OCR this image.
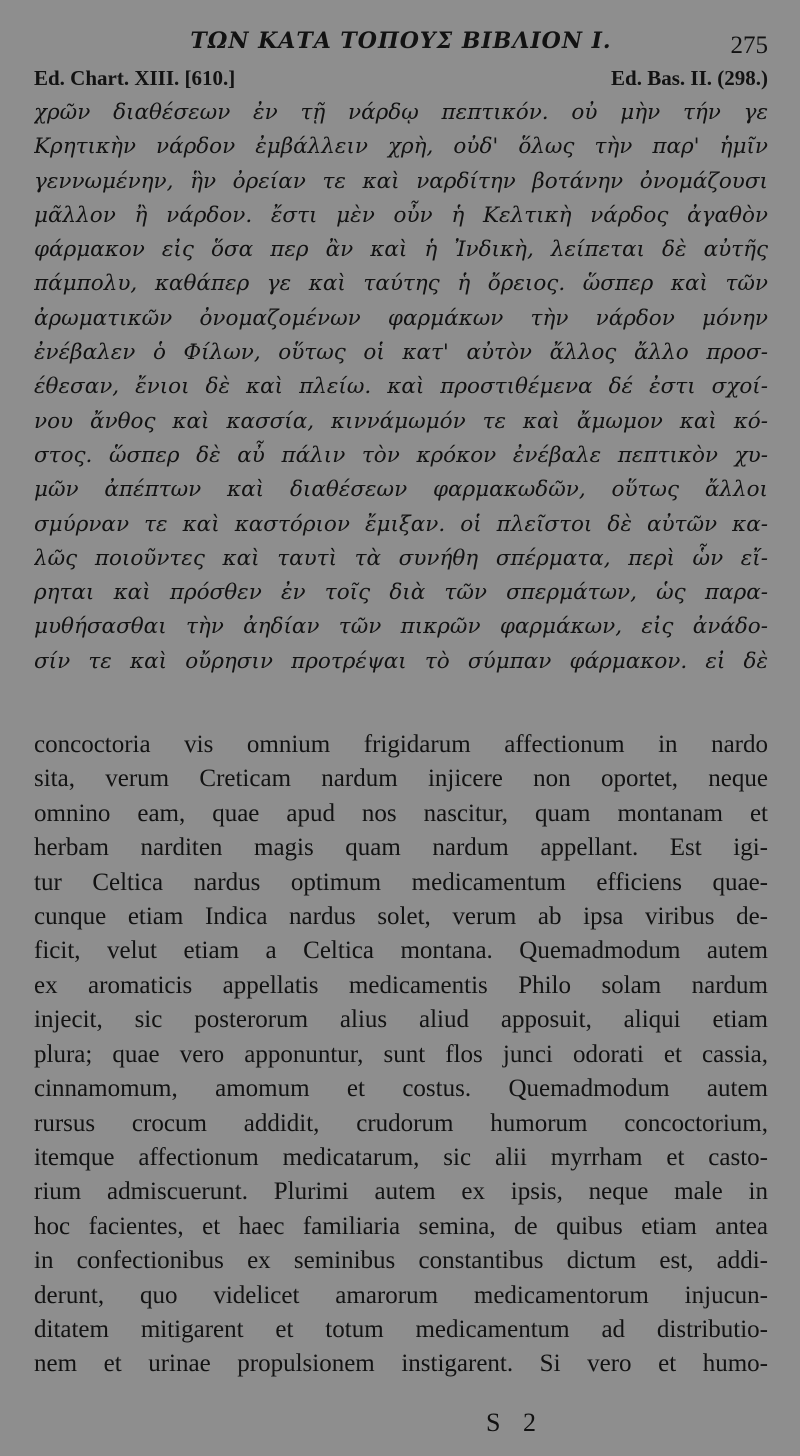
ΤΩΝ ΚΑΤΑ ΤΟΠΟΥΣ ΒΙΒΛΙΟΝ Ι.	275
Ed. Chart. XIII. [610.]	Ed. Bas. II. (298.)
χρῶν διαθέσεων ἐν τῇ νάρδῳ πεπτικόν. οὐ μὴν τήν γε
Κρητικὴν νάρδον ἐμβάλλειν χρὴ, οὐδ' ὅλως τὴν παρ' ἡμῖν
γεννωμένην, ἣν ὀρείαν τε καὶ ναρδίτην βοτάνην ὀνομάζουσι
μᾶλλον ἢ νάρδον. ἔστι μὲν οὖν ἡ Κελτικὴ νάρδος ἀγαθὸν
φάρμακον εἰς ὅσα περ ἂν καὶ ἡ Ἰνδικὴ, λείπεται δὲ αὐτῆς
πάμπολυ, καθάπερ γε καὶ ταύτης ἡ ὄρειος. ὥσπερ καὶ τῶν
ἀρωματικῶν ὀνομαζομένων φαρμάκων τὴν νάρδον μόνην
ἐνέβαλεν ὁ Φίλων, οὕτως οἱ κατ' αὐτὸν ἄλλος ἄλλο προσ-
έθεσαν, ἔνιοι δὲ καὶ πλείω. καὶ προστιθέμενα δέ ἐστι σχοί-
νου ἄνθος καὶ κασσία, κιννάμωμόν τε καὶ ἄμωμον καὶ κό-
στος. ὥσπερ δὲ αὖ πάλιν τὸν κρόκον ἐνέβαλε πεπτικὸν χυ-
μῶν ἀπέπτων καὶ διαθέσεων φαρμακωδῶν, οὕτως ἄλλοι
σμύρναν τε καὶ καστόριον ἔμιξαν. οἱ πλεῖστοι δὲ αὐτῶν κα-
λῶς ποιοῦντες καὶ ταυτὶ τὰ συνήθη σπέρματα, περὶ ὧν εἴ-
ρηται καὶ πρόσθεν ἐν τοῖς διὰ τῶν σπερμάτων, ὡς παρα-
μυθήσασθαι τὴν ἀηδίαν τῶν πικρῶν φαρμάκων, εἰς ἀνάδο-
σίν τε καὶ οὔρησιν προτρέψαι τὸ σύμπαν φάρμακον. εἰ δὲ
concoctoria vis omnium frigidarum affectionum in nardo
sita, verum Creticam nardum injicere non oportet, neque
omnino eam, quae apud nos nascitur, quam montanam et
herbam narditen magis quam nardum appellant. Est igi-
tur Celtica nardus optimum medicamentum efficiens quae-
cunque etiam Indica nardus solet, verum ab ipsa viribus de-
ficit, velut etiam a Celtica montana. Quemadmodum autem
ex aromaticis appellatis medicamentis Philo solam nardum
injecit, sic posterorum alius aliud apposuit, aliqui etiam
plura; quae vero apponuntur, sunt flos junci odorati et cassia,
cinnamomum, amomum et costus. Quemadmodum autem
rursus crocum addidit, crudorum humorum concoctorium,
itemque affectionum medicatarum, sic alii myrrham et casto-
rium admiscuerunt. Plurimi autem ex ipsis, neque male in
hoc facientes, et haec familiaria semina, de quibus etiam antea
in confectionibus ex seminibus constantibus dictum est, addi-
derunt, quo videlicet amarorum medicamentorum injucun-
ditatem mitigarent et totum medicamentum ad distributio-
nem et urinae propulsionem instigarent. Si vero et humo-
S 2
